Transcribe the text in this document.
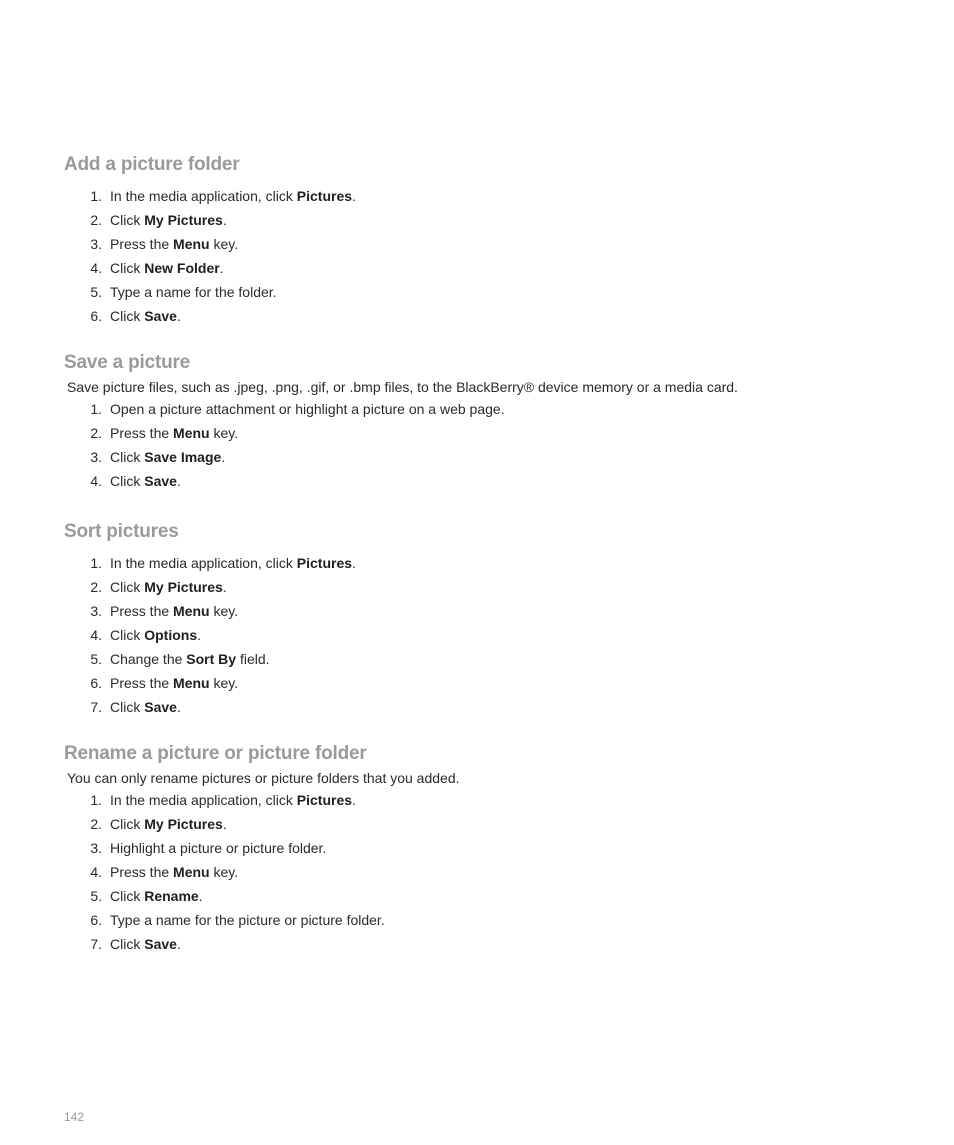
Add a picture folder
1 . In the media application, click Pictures.
2 . Click My Pictures.
3 . Press the Menu key.
4 . Click New Folder.
5 . Type a name for the folder.
6 . Click Save.
Save a picture

Save picture files, such as .jpeg, .png, .gif, or .bmp files, to the BlackBerry® device memory or a media card.

1 . Open a picture attachment or highlight a picture on a web page.
2 . Press the Menu key.
3 . Click Save Image.
4 . Click Save.
Sort pictures
1 . In the media application, click Pictures.
2 . Click My Pictures.
3 . Press the Menu key.
4 . Click Options.
5 . Change the Sort By field.
6 . Press the Menu key.
7 . Click Save.
Rename a picture or picture folder

You can only rename pictures or picture folders that you added.

1 . In the media application, click Pictures.
2 . Click My Pictures.
3 . Highlight a picture or picture folder.
4 . Press the Menu key.
5 . Click Rename.
6 . Type a name for the picture or picture folder.
7 . Click Save.
142
